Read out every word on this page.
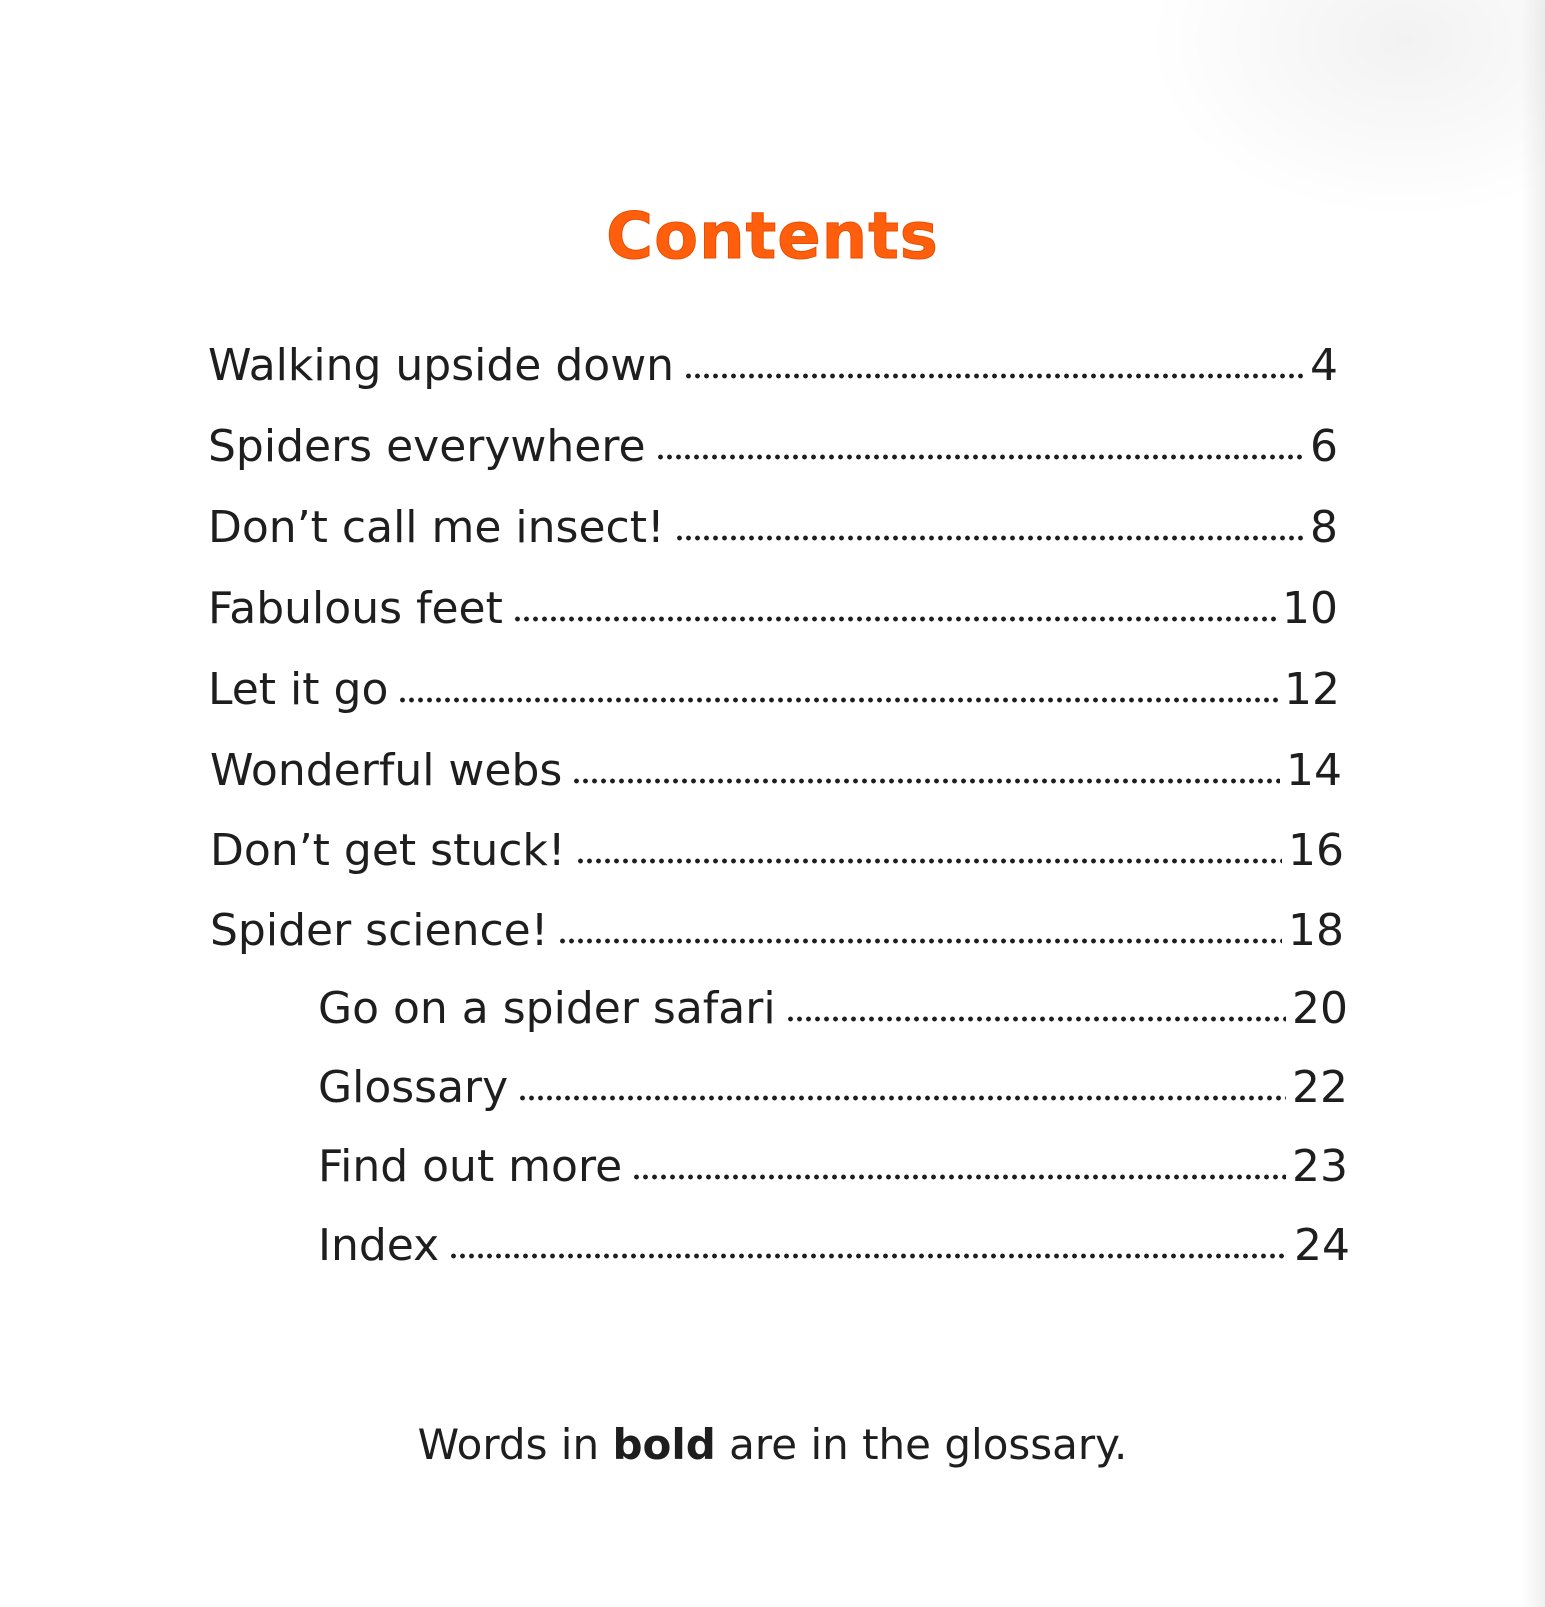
Contents
Walking upside down	4
Spiders everywhere	6
Don’t call me insect!	8
Fabulous feet	10
Let it go	12
Wonderful webs	14
Don’t get stuck!	16
Spider science!	18
Go on a spider safari	20
Glossary	22
Find out more	23
Index	24
Words in bold are in the glossary.
